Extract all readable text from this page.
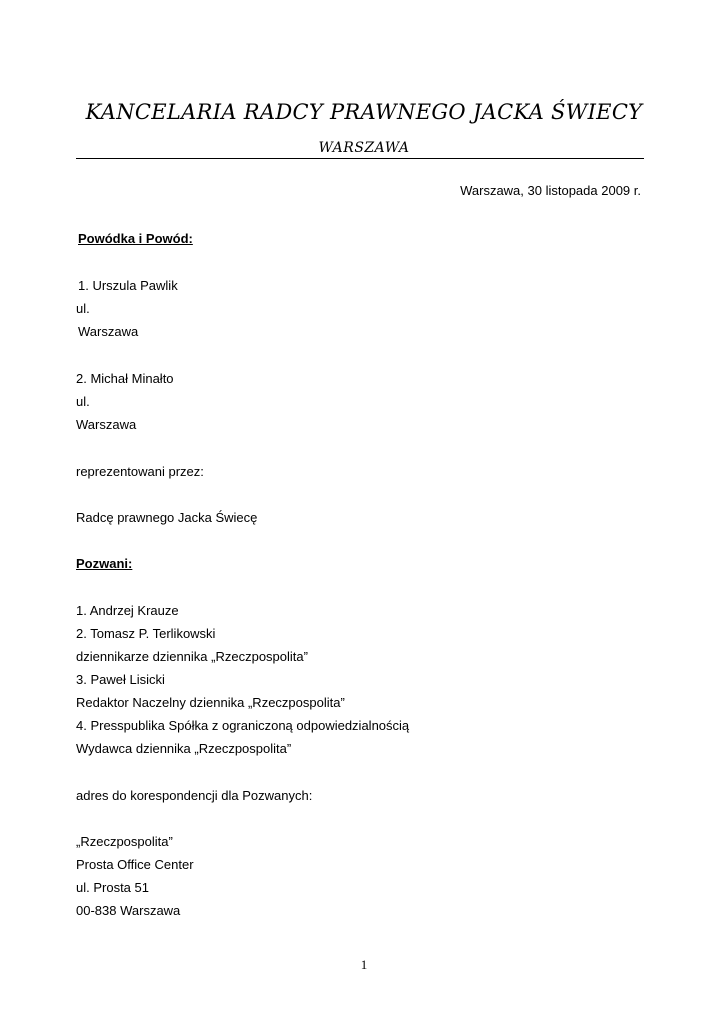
KANCELARIA RADCY PRAWNEGO JACKA ŚWIECY
WARSZAWA
Warszawa, 30 listopada 2009 r.
Powódka i Powód:
1. Urszula Pawlik
ul.
Warszawa
2. Michał Minałto
ul.
Warszawa
reprezentowani przez:
Radcę prawnego Jacka Świecę
Pozwani:
1. Andrzej Krauze
2. Tomasz P. Terlikowski
dziennikarze dziennika „Rzeczpospolita”
3. Paweł Lisicki
Redaktor Naczelny dziennika „Rzeczpospolita”
4. Presspublika Spółka z ograniczoną odpowiedzialnością
Wydawca dziennika „Rzeczpospolita”
adres do korespondencji dla Pozwanych:
„Rzeczpospolita”
Prosta Office Center
ul. Prosta 51
00-838 Warszawa
1
